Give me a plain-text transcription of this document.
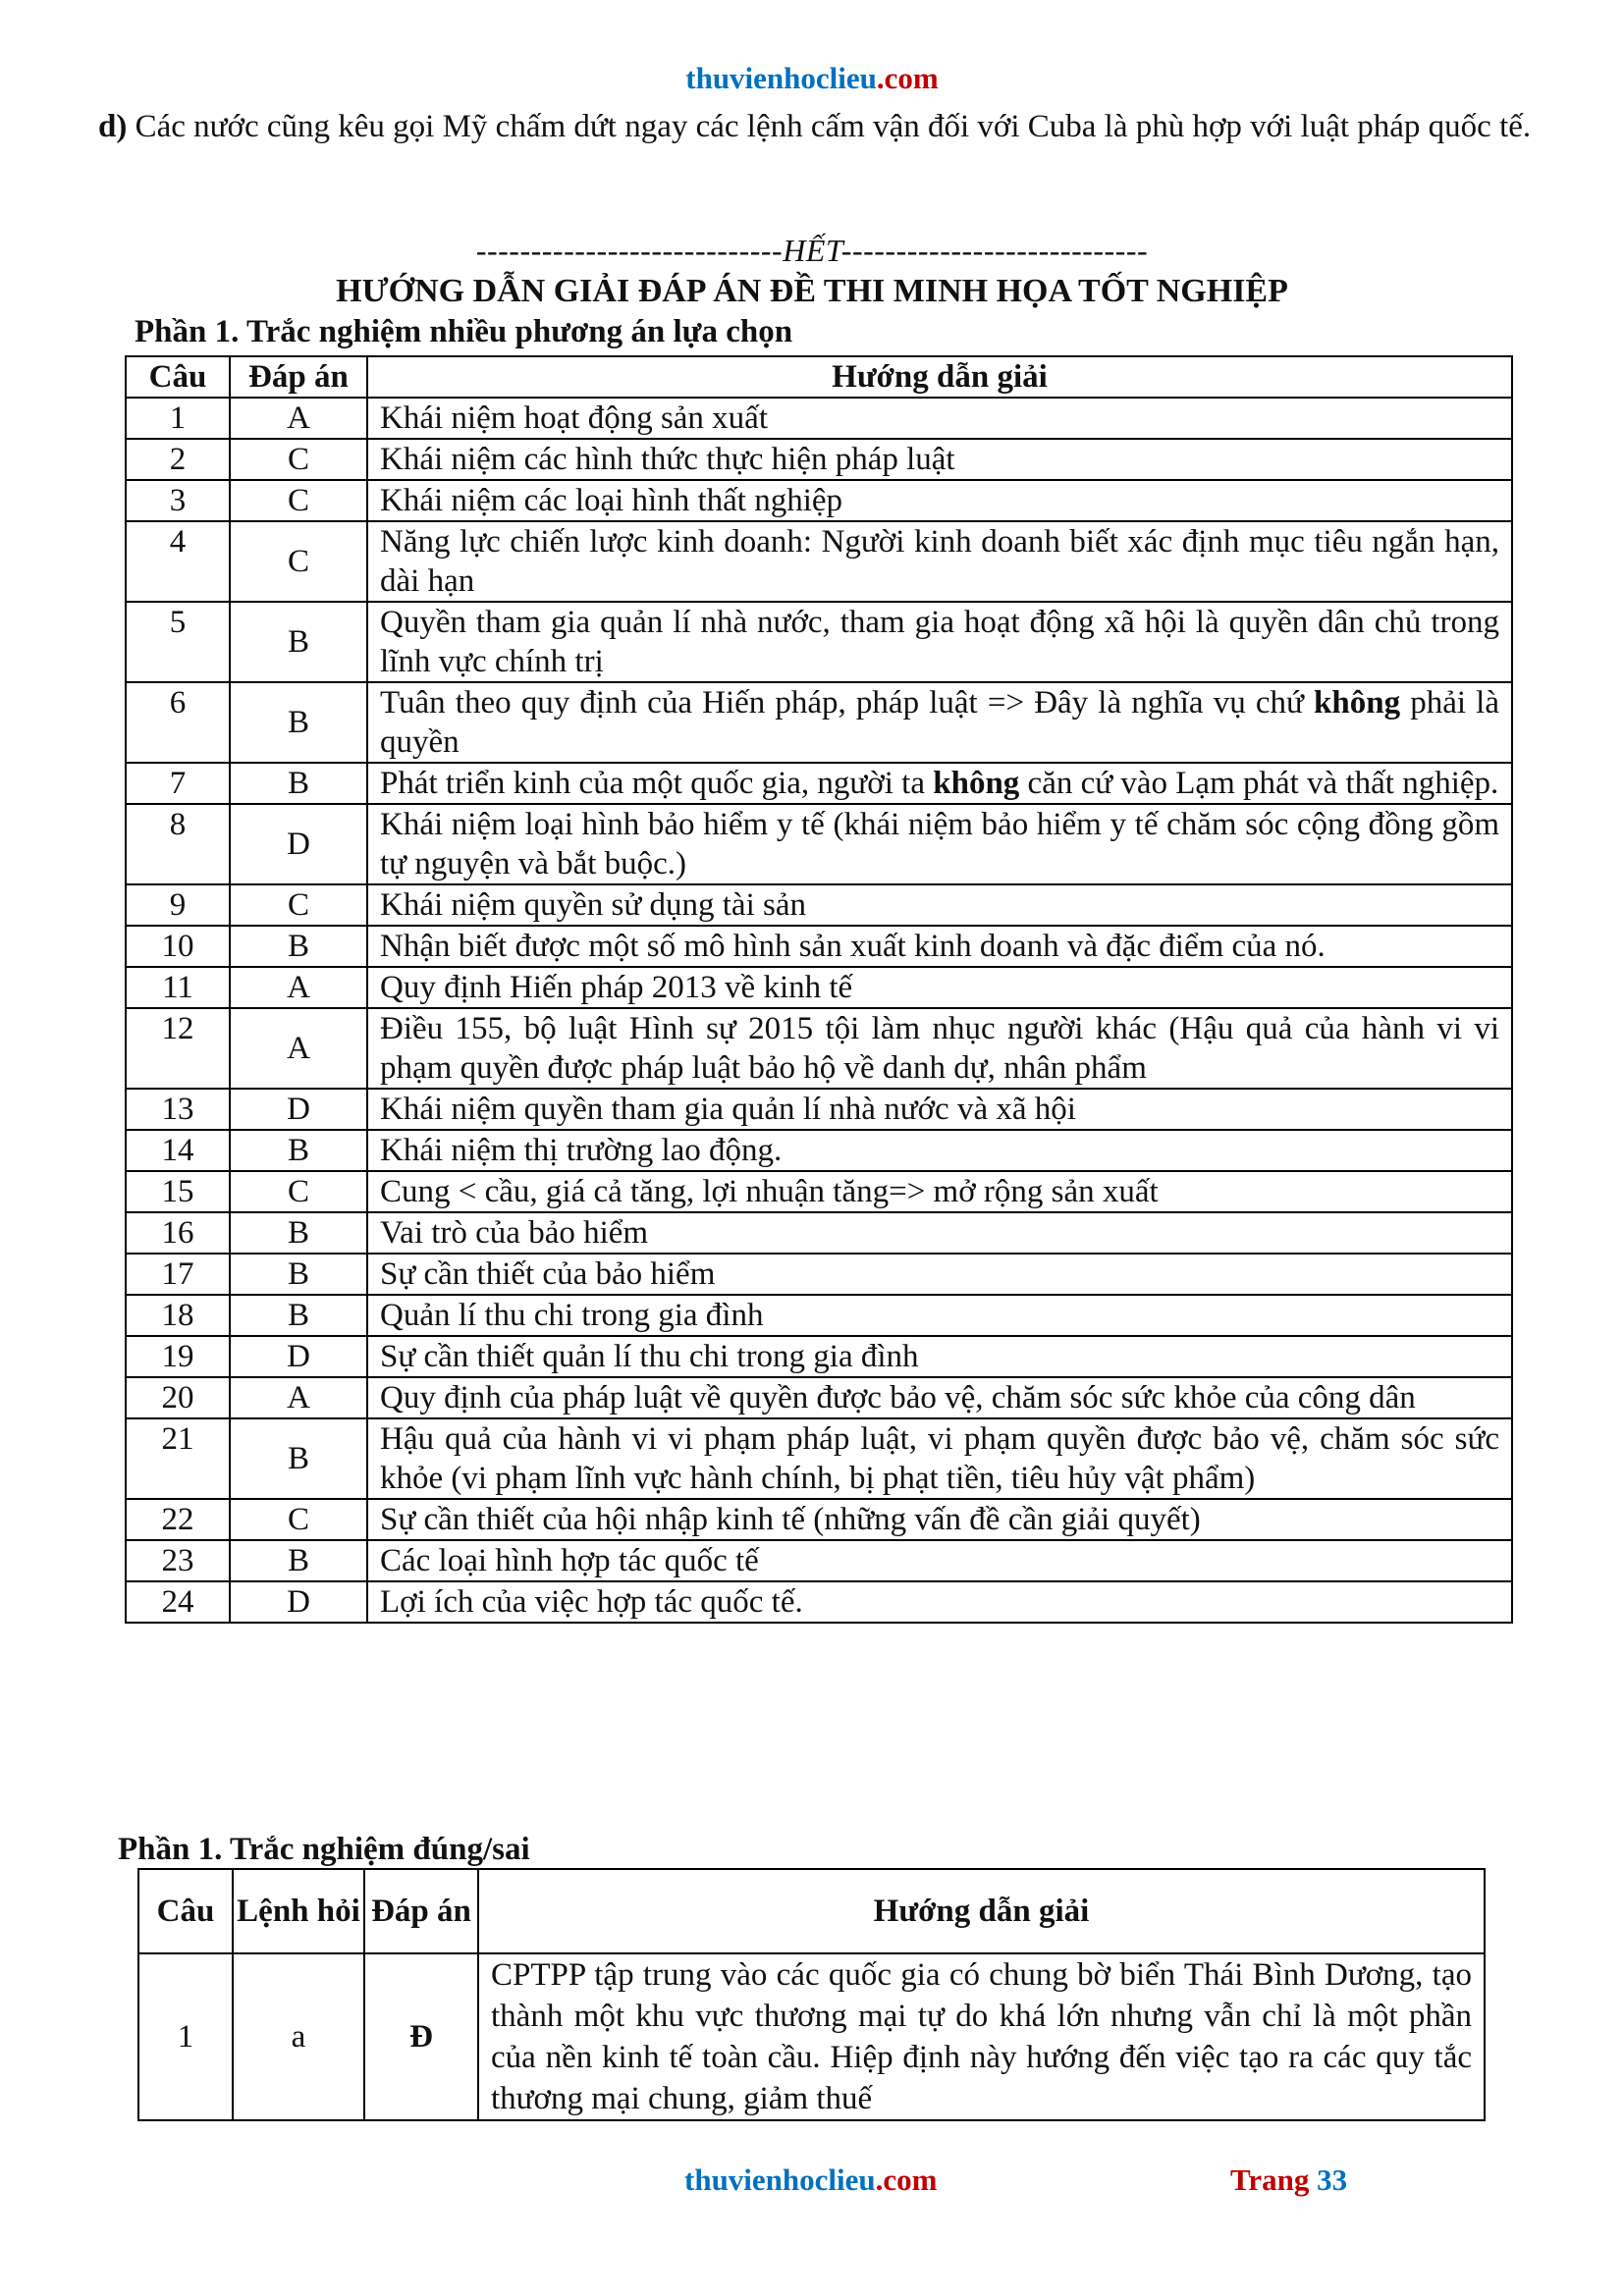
thuvienhoclieu.com
d) Các nước cũng kêu gọi Mỹ chấm dứt ngay các lệnh cấm vận đối với Cuba là phù hợp với luật pháp quốc tế.
----------------------------HẾT----------------------------
HƯỚNG DẪN GIẢI ĐÁP ÁN ĐỀ THI MINH HỌA TỐT NGHIỆP
Phần 1. Trắc nghiệm nhiều phương án lựa chọn
Câu	Đáp án	Hướng dẫn giải
1	A	Khái niệm hoạt động sản xuất
2	C	Khái niệm các hình thức thực hiện pháp luật
3	C	Khái niệm các loại hình thất nghiệp
4	C	Năng lực chiến lược kinh doanh: Người kinh doanh biết xác định mục tiêu ngắn hạn, dài hạn
5	B	Quyền tham gia quản lí nhà nước, tham gia hoạt động xã hội là quyền dân chủ trong lĩnh vực chính trị
6	B	Tuân theo quy định của Hiến pháp, pháp luật => Đây là nghĩa vụ chứ không phải là quyền
7	B	Phát triển kinh của một quốc gia, người ta không căn cứ vào Lạm phát và thất nghiệp.
8	D	Khái niệm loại hình bảo hiểm y tế (khái niệm bảo hiểm y tế chăm sóc cộng đồng gồm tự nguyện và bắt buộc.)
9	C	Khái niệm quyền sử dụng tài sản
10	B	Nhận biết được một số mô hình sản xuất kinh doanh và đặc điểm của nó.
11	A	Quy định Hiến pháp 2013 về kinh tế
12	A	Điều 155, bộ luật Hình sự 2015 tội làm nhục người khác (Hậu quả của hành vi vi phạm quyền được pháp luật bảo hộ về danh dự, nhân phẩm
13	D	Khái niệm quyền tham gia quản lí nhà nước và xã hội
14	B	Khái niệm thị trường lao động.
15	C	Cung < cầu, giá cả tăng, lợi nhuận tăng=> mở rộng sản xuất
16	B	Vai trò của bảo hiểm
17	B	Sự cần thiết của bảo hiểm
18	B	Quản lí thu chi trong gia đình
19	D	Sự cần thiết quản lí thu chi trong gia đình
20	A	Quy định của pháp luật về quyền được bảo vệ, chăm sóc sức khỏe của công dân
21	B	Hậu quả của hành vi vi phạm pháp luật, vi phạm quyền được bảo vệ, chăm sóc sức khỏe (vi phạm lĩnh vực hành chính, bị phạt tiền, tiêu hủy vật phẩm)
22	C	Sự cần thiết của hội nhập kinh tế (những vấn đề cần giải quyết)
23	B	Các loại hình hợp tác quốc tế
24	D	Lợi ích của việc hợp tác quốc tế.
Phần 1. Trắc nghiệm đúng/sai
Câu	Lệnh hỏi	Đáp án	Hướng dẫn giải
1	a	Đ	CPTPP tập trung vào các quốc gia có chung bờ biển Thái Bình Dương, tạo thành một khu vực thương mại tự do khá lớn nhưng vẫn chỉ là một phần của nền kinh tế toàn cầu. Hiệp định này hướng đến việc tạo ra các quy tắc thương mại chung, giảm thuế
thuvienhoclieu.com	Trang 33
